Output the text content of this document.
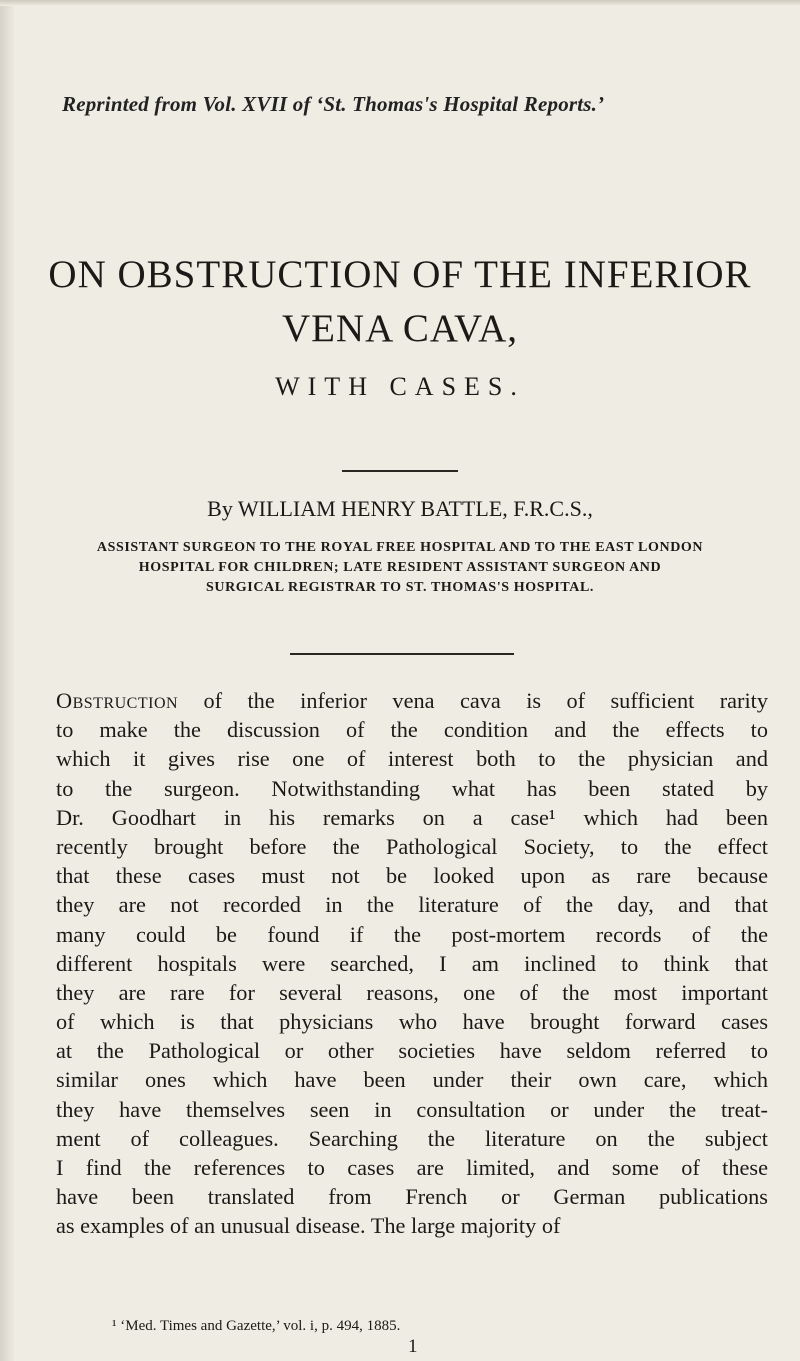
Reprinted from Vol. XVII of ‘St. Thomas's Hospital Reports.’
ON OBSTRUCTION OF THE INFERIOR
VENA CAVA,
WITH CASES.
By WILLIAM HENRY BATTLE, F.R.C.S.,
ASSISTANT SURGEON TO THE ROYAL FREE HOSPITAL AND TO THE EAST LONDON
HOSPITAL FOR CHILDREN; LATE RESIDENT ASSISTANT SURGEON AND
SURGICAL REGISTRAR TO ST. THOMAS'S HOSPITAL.
Obstruction of the inferior vena cava is of sufficient rarity
to make the discussion of the condition and the effects to
which it gives rise one of interest both to the physician and
to the surgeon. Notwithstanding what has been stated by
Dr. Goodhart in his remarks on a case¹ which had been
recently brought before the Pathological Society, to the effect
that these cases must not be looked upon as rare because
they are not recorded in the literature of the day, and that
many could be found if the post-mortem records of the
different hospitals were searched, I am inclined to think that
they are rare for several reasons, one of the most important
of which is that physicians who have brought forward cases
at the Pathological or other societies have seldom referred to
similar ones which have been under their own care, which
they have themselves seen in consultation or under the treat-
ment of colleagues. Searching the literature on the subject
I find the references to cases are limited, and some of these
have been translated from French or German publications
as examples of an unusual disease. The large majority of
¹ ‘Med. Times and Gazette,’ vol. i, p. 494, 1885.
1
